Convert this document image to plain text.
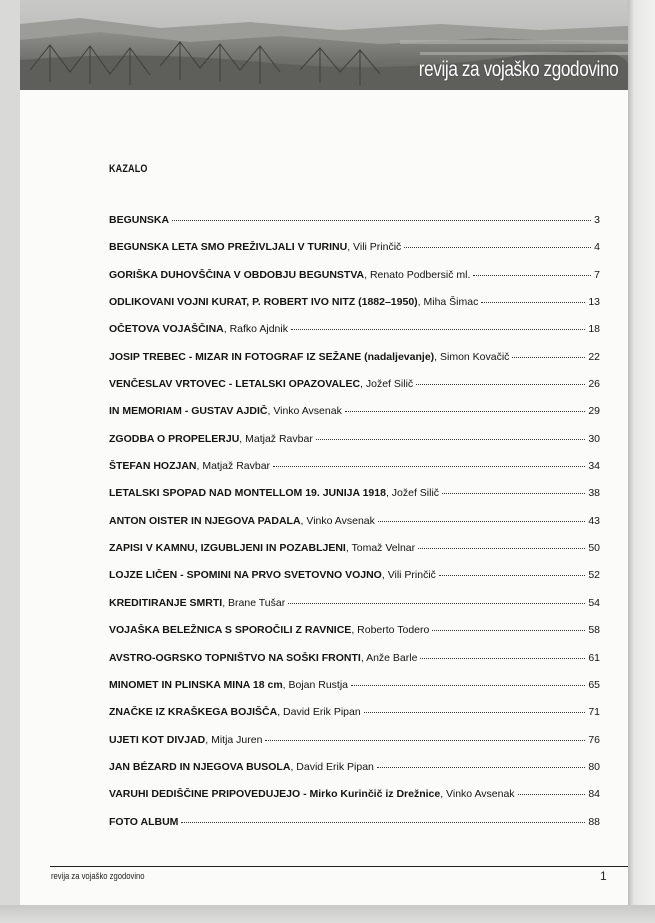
revija za vojaško zgodovino
KAZALO
BEGUNSKA	3
BEGUNSKA LETA SMO PREŽIVLJALI V TURINU, Vili Prinčič	4
GORIŠKA DUHOVŠČINA V OBDOBJU BEGUNSTVA, Renato Podbersič ml.	7
ODLIKOVANI VOJNI KURAT, P. ROBERT IVO NITZ (1882–1950), Miha Šimac	13
OČETOVA VOJAŠČINA, Rafko Ajdnik	18
JOSIP TREBEC - MIZAR IN FOTOGRAF IZ SEŽANE (nadaljevanje), Simon Kovačič	22
VENČESLAV VRTOVEC - LETALSKI OPAZOVALEC, Jožef Silič	26
IN MEMORIAM - GUSTAV AJDIČ, Vinko Avsenak	29
ZGODBA O PROPELERJU, Matjaž Ravbar	30
ŠTEFAN HOZJAN, Matjaž Ravbar	34
LETALSKI SPOPAD NAD MONTELLOM 19. JUNIJA 1918, Jožef Silič	38
ANTON OISTER IN NJEGOVA PADALA, Vinko Avsenak	43
ZAPISI V KAMNU, IZGUBLJENI IN POZABLJENI, Tomaž Velnar	50
LOJZE LIČEN - SPOMINI NA PRVO SVETOVNO VOJNO, Vili Prinčič	52
KREDITIRANJE SMRTI, Brane Tušar	54
VOJAŠKA BELEŽNICA S SPOROČILI Z RAVNICE, Roberto Todero	58
AVSTRO-OGRSKO TOPNIŠTVO NA SOŠKI FRONTI, Anže Barle	61
MINOMET IN PLINSKA MINA 18 cm, Bojan Rustja	65
ZNAČKE IZ KRAŠKEGA BOJIŠČA, David Erik Pipan	71
UJETI KOT DIVJAD, Mitja Juren	76
JAN BÉZARD IN NJEGOVA BUSOLA, David Erik Pipan	80
VARUHI DEDIŠČINE PRIPOVEDUJEJO - Mirko Kurinčič iz Drežnice, Vinko Avsenak	84
FOTO ALBUM	88
revija za vojaško zgodovino	1
